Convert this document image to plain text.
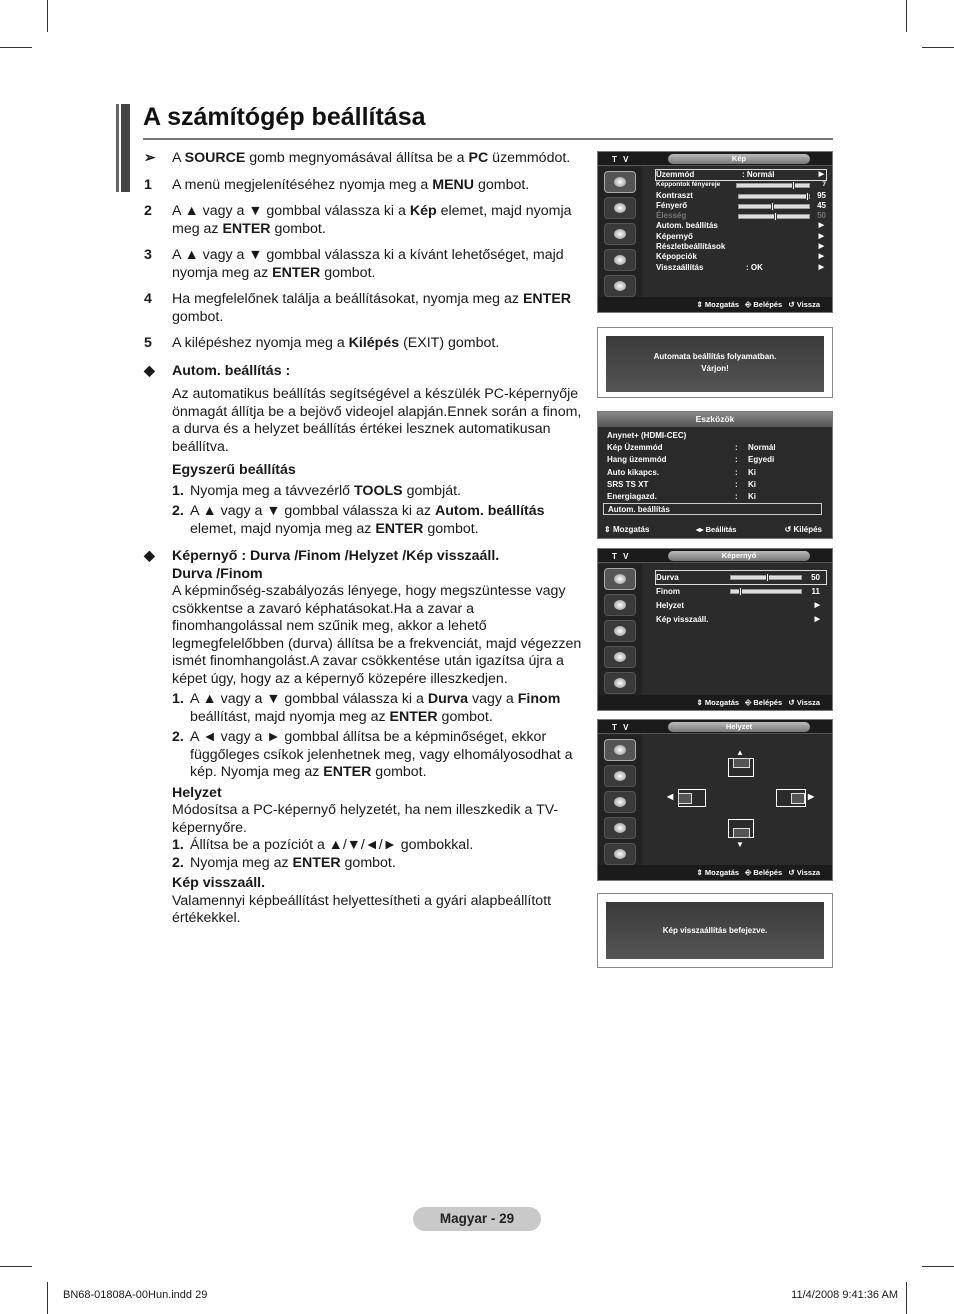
A számítógép beállítása
➢ A SOURCE gomb megnyomásával állítsa be a PC üzemmódot.
1 A menü megjelenítéséhez nyomja meg a MENU gombot.
2 A ▲ vagy a ▼ gombbal válassza ki a Kép elemet, majd nyomja meg az ENTER gombot.
3 A ▲ vagy a ▼ gombbal válassza ki a kívánt lehetőséget, majd nyomja meg az ENTER gombot.
4 Ha megfelelőnek találja a beállításokat, nyomja meg az ENTER gombot.
5 A kilépéshez nyomja meg a Kilépés (EXIT) gombot.
◆ Autom. beállítás :
Az automatikus beállítás segítségével a készülék PC-képernyője önmagát állítja be a bejövő videojel alapján.Ennek során a finom, a durva és a helyzet beállítás értékei lesznek automatikusan beállítva.
Egyszerű beállítás
1. Nyomja meg a távvezérlő TOOLS gombját.
2. A ▲ vagy a ▼ gombbal válassza ki az Autom. beállítás elemet, majd nyomja meg az ENTER gombot.
◆ Képernyő : Durva /Finom /Helyzet /Kép visszaáll.
Durva /Finom
A képminőség-szabályozás lényege, hogy megszüntesse vagy csökkentse a zavaró képhatásokat.Ha a zavar a finomhangolással nem szűnik meg, akkor a lehető legmegfelelőbben (durva) állítsa be a frekvenciát, majd végezzen ismét finomhangolást.A zavar csökkentése után igazítsa újra a képet úgy, hogy az a képernyő közepére illeszkedjen.
1. A ▲ vagy a ▼ gombbal válassza ki a Durva vagy a Finom beállítást, majd nyomja meg az ENTER gombot.
2. A ◄ vagy a ► gombbal állítsa be a képminőséget, ekkor függőleges csíkok jelenhetnek meg, vagy elhomályosodhat a kép. Nyomja meg az ENTER gombot.
Helyzet
Módosítsa a PC-képernyő helyzetét, ha nem illeszkedik a TV-képernyőre.
1. Állítsa be a pozíciót a ▲/▼/◄/► gombokkal.
2. Nyomja meg az ENTER gombot.
Kép visszaáll.
Valamennyi képbeállítást helyettesítheti a gyári alapbeállított értékekkel.
T V	Kép
Üzemmód	: Normál	▶
Képpontok fényereje	7
Kontraszt	95
Fényerő	45
Élesség	50
Autom. beállítás	▶
Képernyő	▶
Részletbeállítások	▶
Képopciók	▶
Visszaállítás	: OK	▶
⇕ Mozgatás   ⎆ Belépés   ↺ Vissza
Automata beállítás folyamatban.
Várjon!
Eszközök
Anynet+ (HDMI-CEC)
Kép Üzemmód	: Normál
Hang üzemmód	: Egyedi
Auto kikapcs.	: Ki
SRS TS XT	: Ki
Energiagazd.	: Ki
Autom. beállítás
⇕ Mozgatás	◂▸ Beállítás	↺ Kilépés
T V	Képernyő
Durva	50
Finom	11
Helyzet	▶
Kép visszaáll.	▶
⇕ Mozgatás   ⎆ Belépés   ↺ Vissza
T V	Helyzet
▲
◀	▶
▼
⇕ Mozgatás   ⎆ Belépés   ↺ Vissza
Kép visszaállítás befejezve.
Magyar - 29
BN68-01808A-00Hun.indd 29	11/4/2008 9:41:36 AM
